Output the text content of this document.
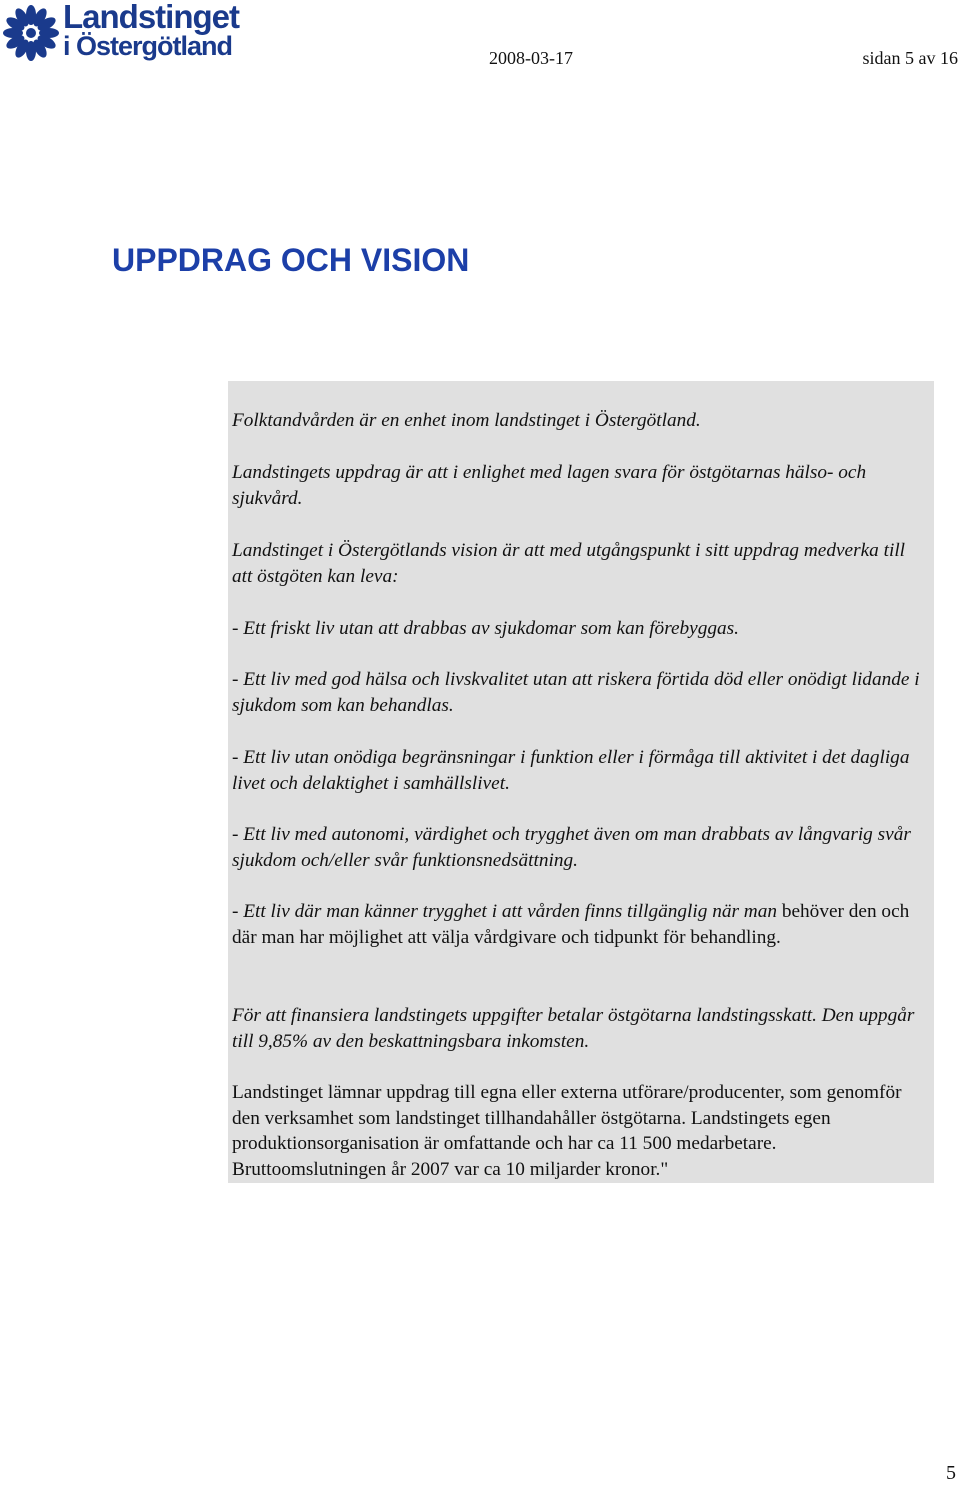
Landstinget
i Östergötland	2008-03-17	sidan 5 av 16
UPPDRAG OCH VISION

Folktandvården är en enhet inom landstinget i Östergötland.

Landstingets uppdrag är att i enlighet med lagen svara för östgötarnas hälso- och sjukvård.

Landstinget i Östergötlands vision är att med utgångspunkt i sitt uppdrag medverka till att östgöten kan leva:

- Ett friskt liv utan att drabbas av sjukdomar som kan förebyggas.

- Ett liv med god hälsa och livskvalitet utan att riskera förtida död eller onödigt lidande i sjukdom som kan behandlas.

- Ett liv utan onödiga begränsningar i funktion eller i förmåga till aktivitet i det dagliga livet och delaktighet i samhällslivet.

- Ett liv med autonomi, värdighet och trygghet även om man drabbats av långvarig svår sjukdom och/eller svår funktionsnedsättning.

- Ett liv där man känner trygghet i att vården finns tillgänglig när man behöver den och där man har möjlighet att välja vårdgivare och tidpunkt för behandling.

För att finansiera landstingets uppgifter betalar östgötarna landstingsskatt. Den uppgår till 9,85% av den beskattningsbara inkomsten.

Landstinget lämnar uppdrag till egna eller externa utförare/producenter, som genomför den verksamhet som landstinget tillhandahåller östgötarna. Landstingets egen produktionsorganisation är omfattande och har ca 11 500 medarbetare. Bruttoomslutningen år 2007 var ca 10 miljarder kronor."

5
